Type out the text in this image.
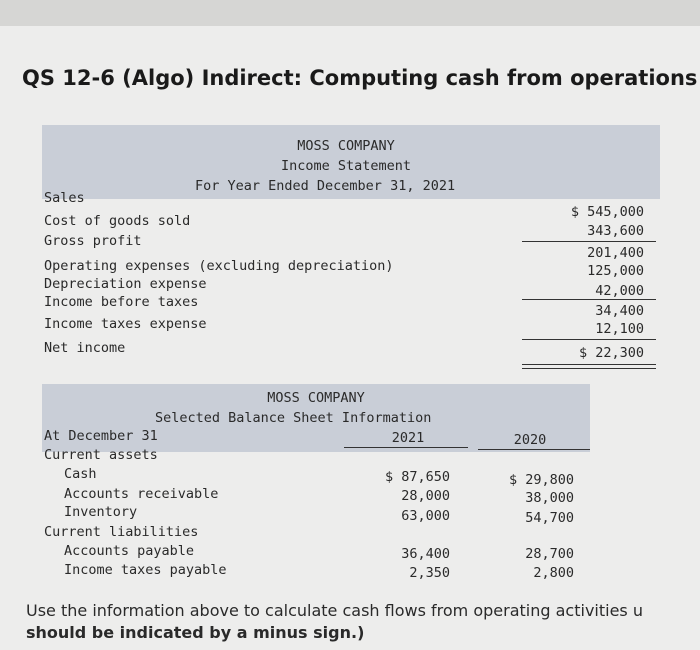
QS 12-6 (Algo) Indirect: Computing cash from operations
MOSS COMPANY
Income Statement
For Year Ended December 31, 2021
Sales
Cost of goods sold
Gross profit
Operating expenses (excluding depreciation)
Depreciation expense
Income before taxes
Income taxes expense
Net income
$ 545,000
343,600
201,400
125,000
42,000
34,400
12,100
$ 22,300
MOSS COMPANY
Selected Balance Sheet Information
At December 31	2021	2020
Current assets
Cash
Accounts receivable
Inventory
Current liabilities
Accounts payable
Income taxes payable
$ 87,650
28,000
63,000
36,400
2,350
$ 29,800
38,000
54,700
28,700
2,800
Use the information above to calculate cash flows from operating activities u
should be indicated by a minus sign.)
